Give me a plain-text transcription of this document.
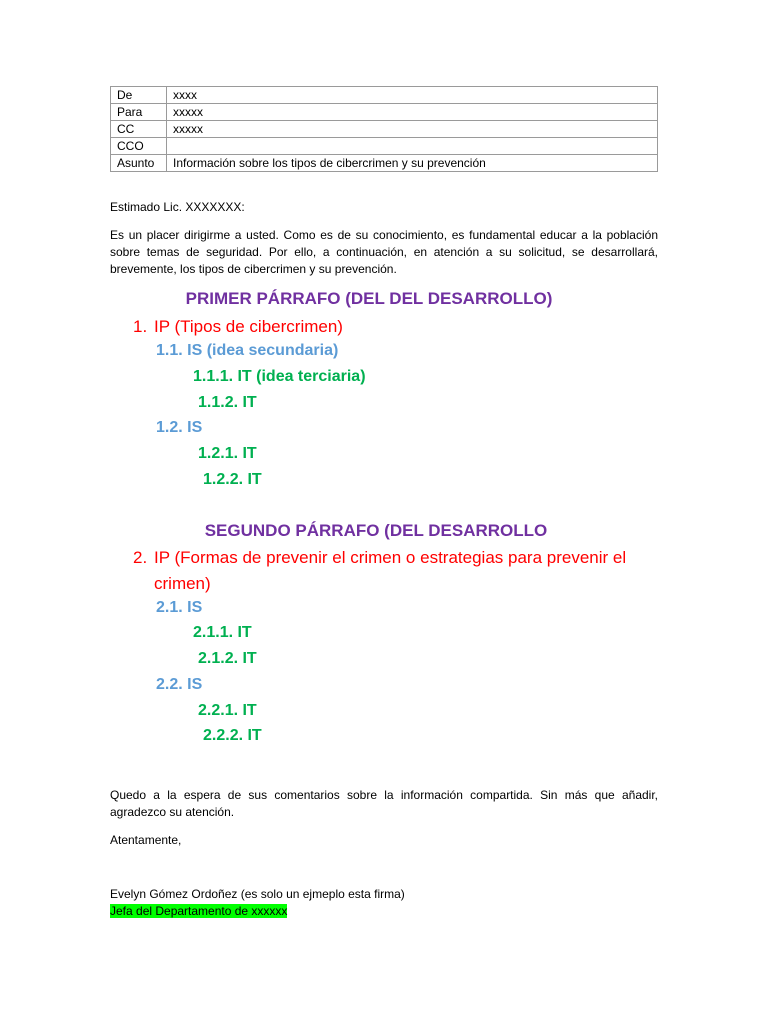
De	xxxx
Para	xxxxx
CC	xxxxx
CCO	
Asunto	Información sobre los tipos de cibercrimen y su prevención
Estimado Lic. XXXXXXX:
Es un placer dirigirme a usted. Como es de su conocimiento, es fundamental educar a la población sobre temas de seguridad. Por ello, a continuación, en atención a su solicitud, se desarrollará, brevemente, los tipos de cibercrimen y su prevención.
PRIMER PÁRRAFO (DEL DEL DESARROLLO)
1. IP (Tipos de cibercrimen)
1.1. IS (idea secundaria)
1.1.1. IT (idea terciaria)
1.1.2. IT
1.2. IS
1.2.1. IT
1.2.2. IT
SEGUNDO PÁRRAFO (DEL DESARROLLO
2. IP (Formas de prevenir el crimen o estrategias para prevenir el crimen)
2.1. IS
2.1.1. IT
2.1.2. IT
2.2. IS
2.2.1. IT
2.2.2. IT
Quedo a la espera de sus comentarios sobre la información compartida. Sin más que añadir, agradezco su atención.
Atentamente,
Evelyn Gómez Ordoñez (es solo un ejmeplo esta firma)
Jefa del Departamento de xxxxxx
